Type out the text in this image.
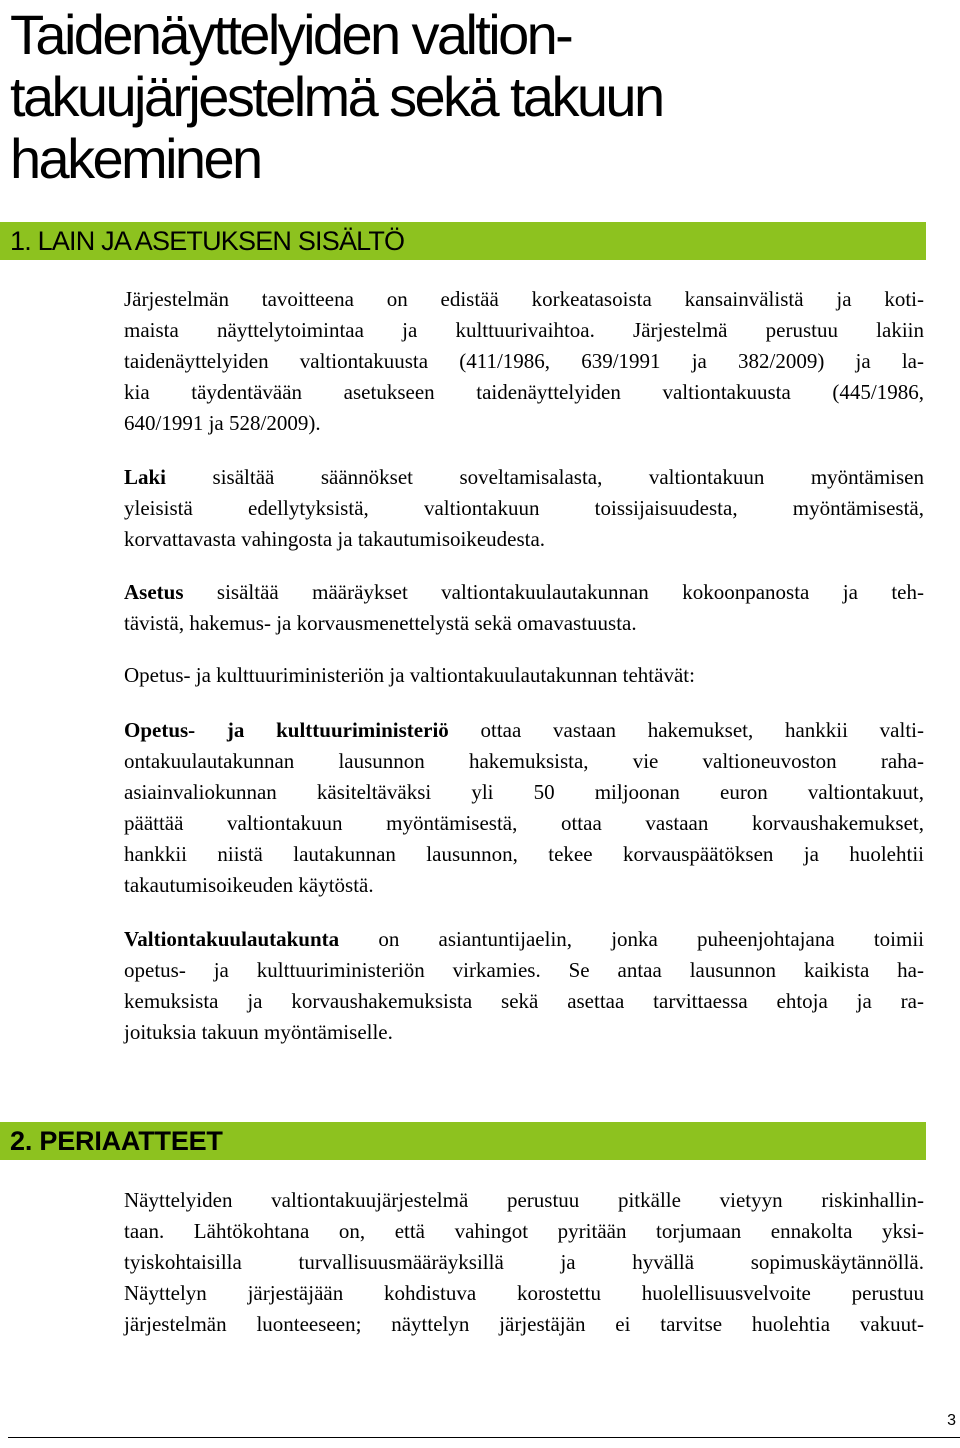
Taidenäyttelyiden valtion-
takuujärjestelmä sekä takuun
hakeminen
1. LAIN JA ASETUKSEN SISÄLTÖ

Järjestelmän tavoitteena on edistää korkeatasoista kansainvälistä ja koti-
maista näyttelytoimintaa ja kulttuurivaihtoa. Järjestelmä perustuu lakiin
taidenäyttelyiden valtiontakuusta (411/1986, 639/1991 ja 382/2009) ja la-
kia täydentävään asetukseen taidenäyttelyiden valtiontakuusta (445/1986,
640/1991 ja 528/2009).

Laki sisältää säännökset soveltamisalasta, valtiontakuun myöntämisen
yleisistä edellytyksistä, valtiontakuun toissijaisuudesta, myöntämisestä,
korvattavasta vahingosta ja takautumisoikeudesta.

Asetus sisältää määräykset valtiontakuulautakunnan kokoonpanosta ja teh-
tävistä, hakemus- ja korvausmenettelystä sekä omavastuusta.

Opetus- ja kulttuuriministeriön ja valtiontakuulautakunnan tehtävät:

Opetus- ja kulttuuriministeriö ottaa vastaan hakemukset, hankkii valti-
ontakuulautakunnan lausunnon hakemuksista, vie valtioneuvoston raha-
asiainvaliokunnan käsiteltäväksi yli 50 miljoonan euron valtiontakuut,
päättää valtiontakuun myöntämisestä, ottaa vastaan korvaushakemukset,
hankkii niistä lautakunnan lausunnon, tekee korvauspäätöksen ja huolehtii
takautumisoikeuden käytöstä.

Valtiontakuulautakunta on asiantuntijaelin, jonka puheenjohtajana toimii
opetus- ja kulttuuriministeriön virkamies. Se antaa lausunnon kaikista ha-
kemuksista ja korvaushakemuksista sekä asettaa tarvittaessa ehtoja ja ra-
joituksia takuun myöntämiselle.

2. PERIAATTEET

Näyttelyiden valtiontakuujärjestelmä perustuu pitkälle vietyyn riskinhallin-
taan. Lähtökohtana on, että vahingot pyritään torjumaan ennakolta yksi-
tyiskohtaisilla turvallisuusmääräyksillä ja hyvällä sopimuskäytännöllä.
Näyttelyn järjestäjään kohdistuva korostettu huolellisuusvelvoite perustuu
järjestelmän luonteeseen; näyttelyn järjestäjän ei tarvitse huolehtia vakuut-

3
